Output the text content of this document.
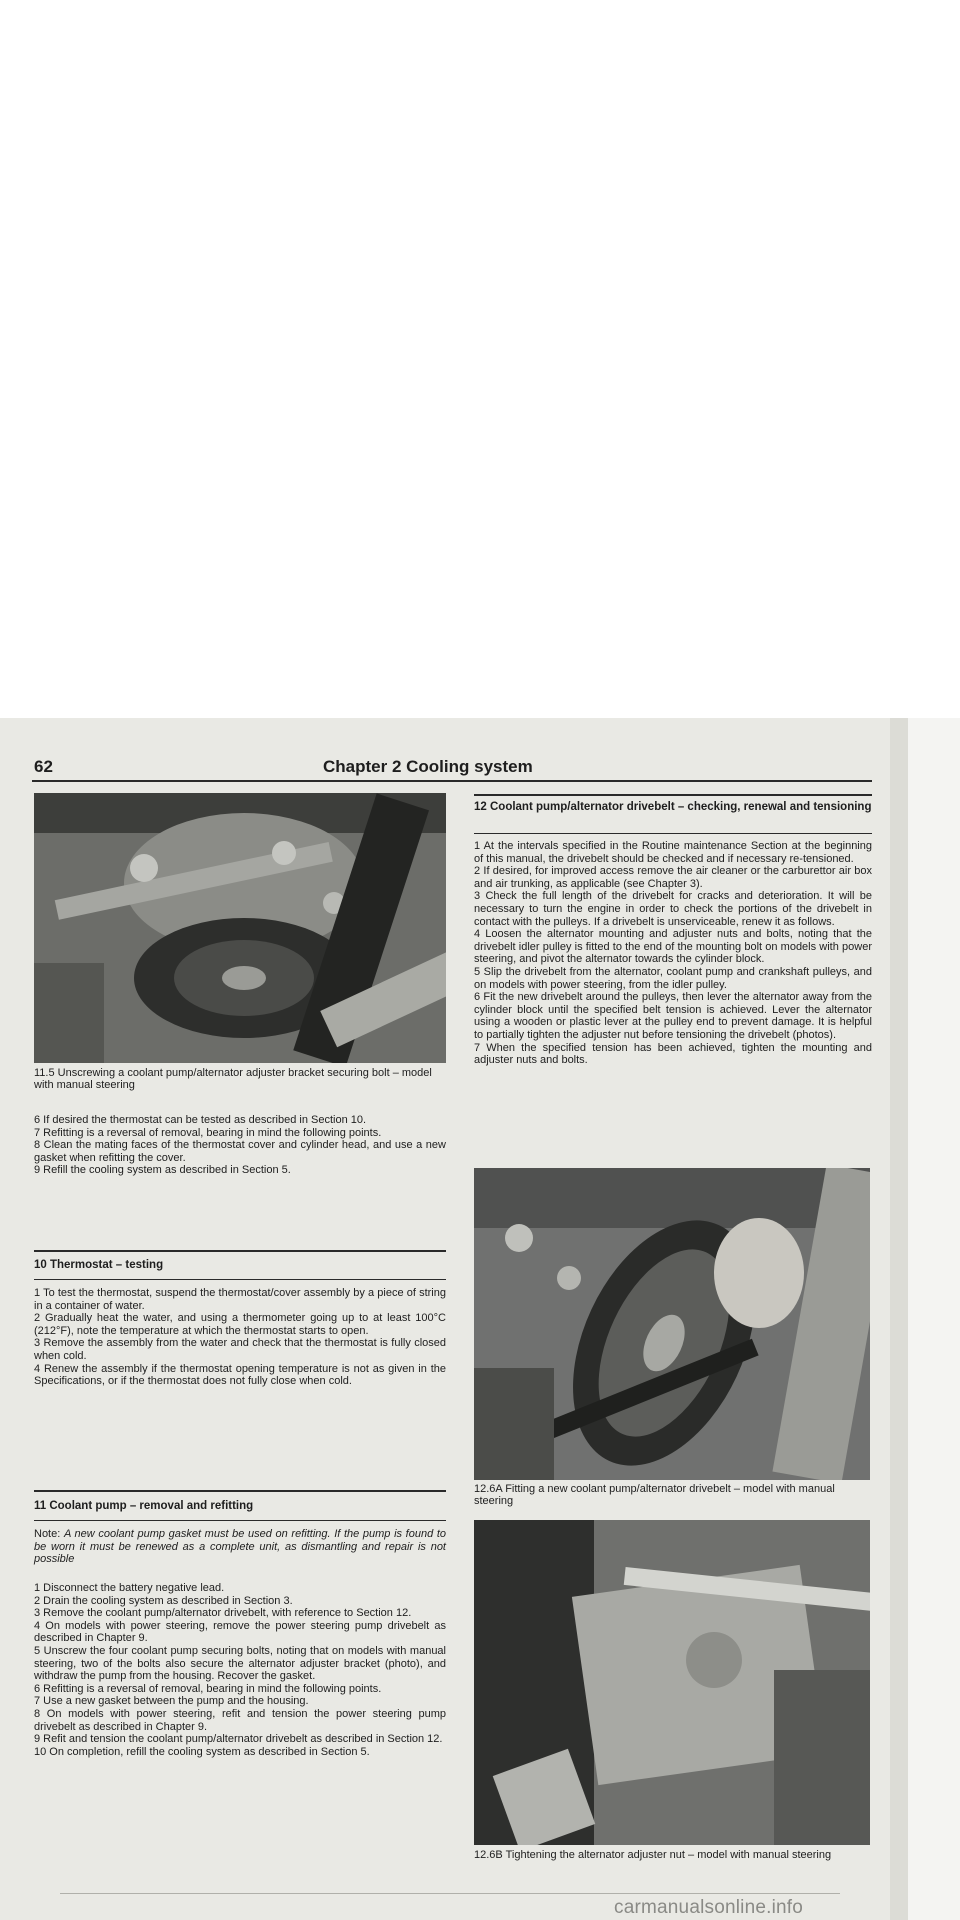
62	Chapter 2 Cooling system
11.5 Unscrewing a coolant pump/alternator adjuster bracket securing bolt – model with manual steering

6 If desired the thermostat can be tested as described in Section 10.

7 Refitting is a reversal of removal, bearing in mind the following points.

8 Clean the mating faces of the thermostat cover and cylinder head, and use a new gasket when refitting the cover.

9 Refill the cooling system as described in Section 5.

10 Thermostat – testing

1 To test the thermostat, suspend the thermostat/cover assembly by a piece of string in a container of water.

2 Gradually heat the water, and using a thermometer going up to at least 100°C (212°F), note the temperature at which the thermostat starts to open.

3 Remove the assembly from the water and check that the thermostat is fully closed when cold.

4 Renew the assembly if the thermostat opening temperature is not as given in the Specifications, or if the thermostat does not fully close when cold.

11 Coolant pump – removal and refitting

Note: A new coolant pump gasket must be used on refitting. If the pump is found to be worn it must be renewed as a complete unit, as dismantling and repair is not possible

1 Disconnect the battery negative lead.

2 Drain the cooling system as described in Section 3.

3 Remove the coolant pump/alternator drivebelt, with reference to Section 12.

4 On models with power steering, remove the power steering pump drivebelt as described in Chapter 9.

5 Unscrew the four coolant pump securing bolts, noting that on models with manual steering, two of the bolts also secure the alternator adjuster bracket (photo), and withdraw the pump from the housing. Recover the gasket.

6 Refitting is a reversal of removal, bearing in mind the following points.

7 Use a new gasket between the pump and the housing.

8 On models with power steering, refit and tension the power steering pump drivebelt as described in Chapter 9.

9 Refit and tension the coolant pump/alternator drivebelt as described in Section 12.

10 On completion, refill the cooling system as described in Section 5.

12 Coolant pump/alternator drivebelt – checking, renewal and tensioning

1 At the intervals specified in the Routine maintenance Section at the beginning of this manual, the drivebelt should be checked and if necessary re-tensioned.

2 If desired, for improved access remove the air cleaner or the carburettor air box and air trunking, as applicable (see Chapter 3).

3 Check the full length of the drivebelt for cracks and deterioration. It will be necessary to turn the engine in order to check the portions of the drivebelt in contact with the pulleys. If a drivebelt is unserviceable, renew it as follows.

4 Loosen the alternator mounting and adjuster nuts and bolts, noting that the drivebelt idler pulley is fitted to the end of the mounting bolt on models with power steering, and pivot the alternator towards the cylinder block.

5 Slip the drivebelt from the alternator, coolant pump and crankshaft pulleys, and on models with power steering, from the idler pulley.

6 Fit the new drivebelt around the pulleys, then lever the alternator away from the cylinder block until the specified belt tension is achieved. Lever the alternator using a wooden or plastic lever at the pulley end to prevent damage. It is helpful to partially tighten the adjuster nut before tensioning the drivebelt (photos).

7 When the specified tension has been achieved, tighten the mounting and adjuster nuts and bolts.

12.6A Fitting a new coolant pump/alternator drivebelt – model with manual steering
12.6B Tightening the alternator adjuster nut – model with manual steering
carmanualsonline.info
